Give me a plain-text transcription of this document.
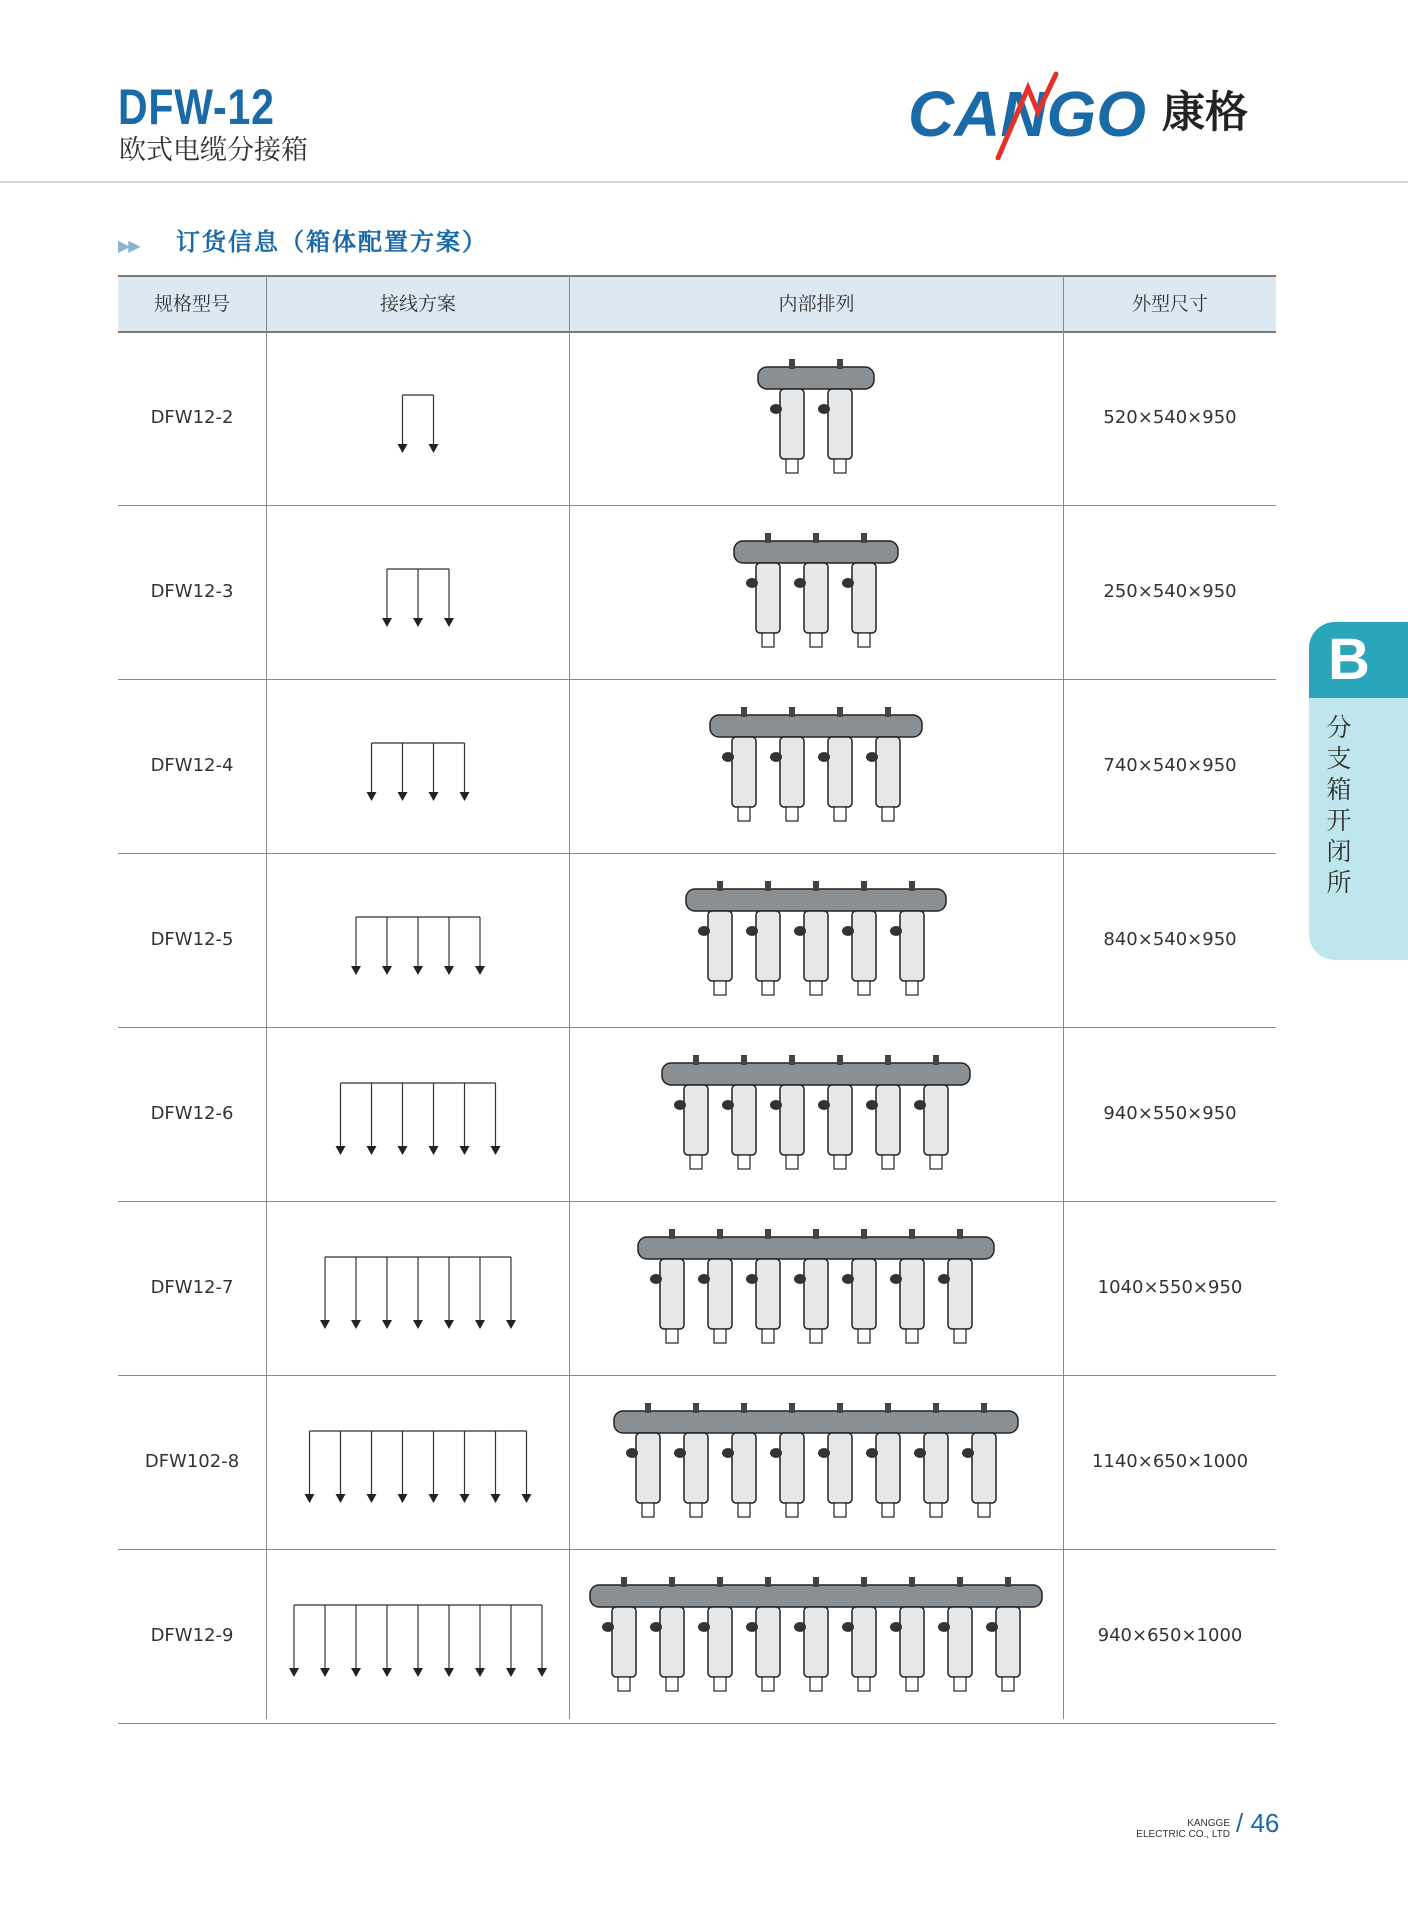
DFW-12
欧式电缆分接箱
CANGO 康格
▶▶ 订货信息（箱体配置方案）
规格型号	接线方案	内部排列	外型尺寸
DFW12-2	520×540×950
DFW12-3	250×540×950
DFW12-4	740×540×950
DFW12-5	840×540×950
DFW12-6	940×550×950
DFW12-7	1040×550×950
DFW102-8	1140×650×1000
DFW12-9	940×650×1000
B
分支箱开闭所
KANGGE
ELECTRIC CO., LTD / 46
